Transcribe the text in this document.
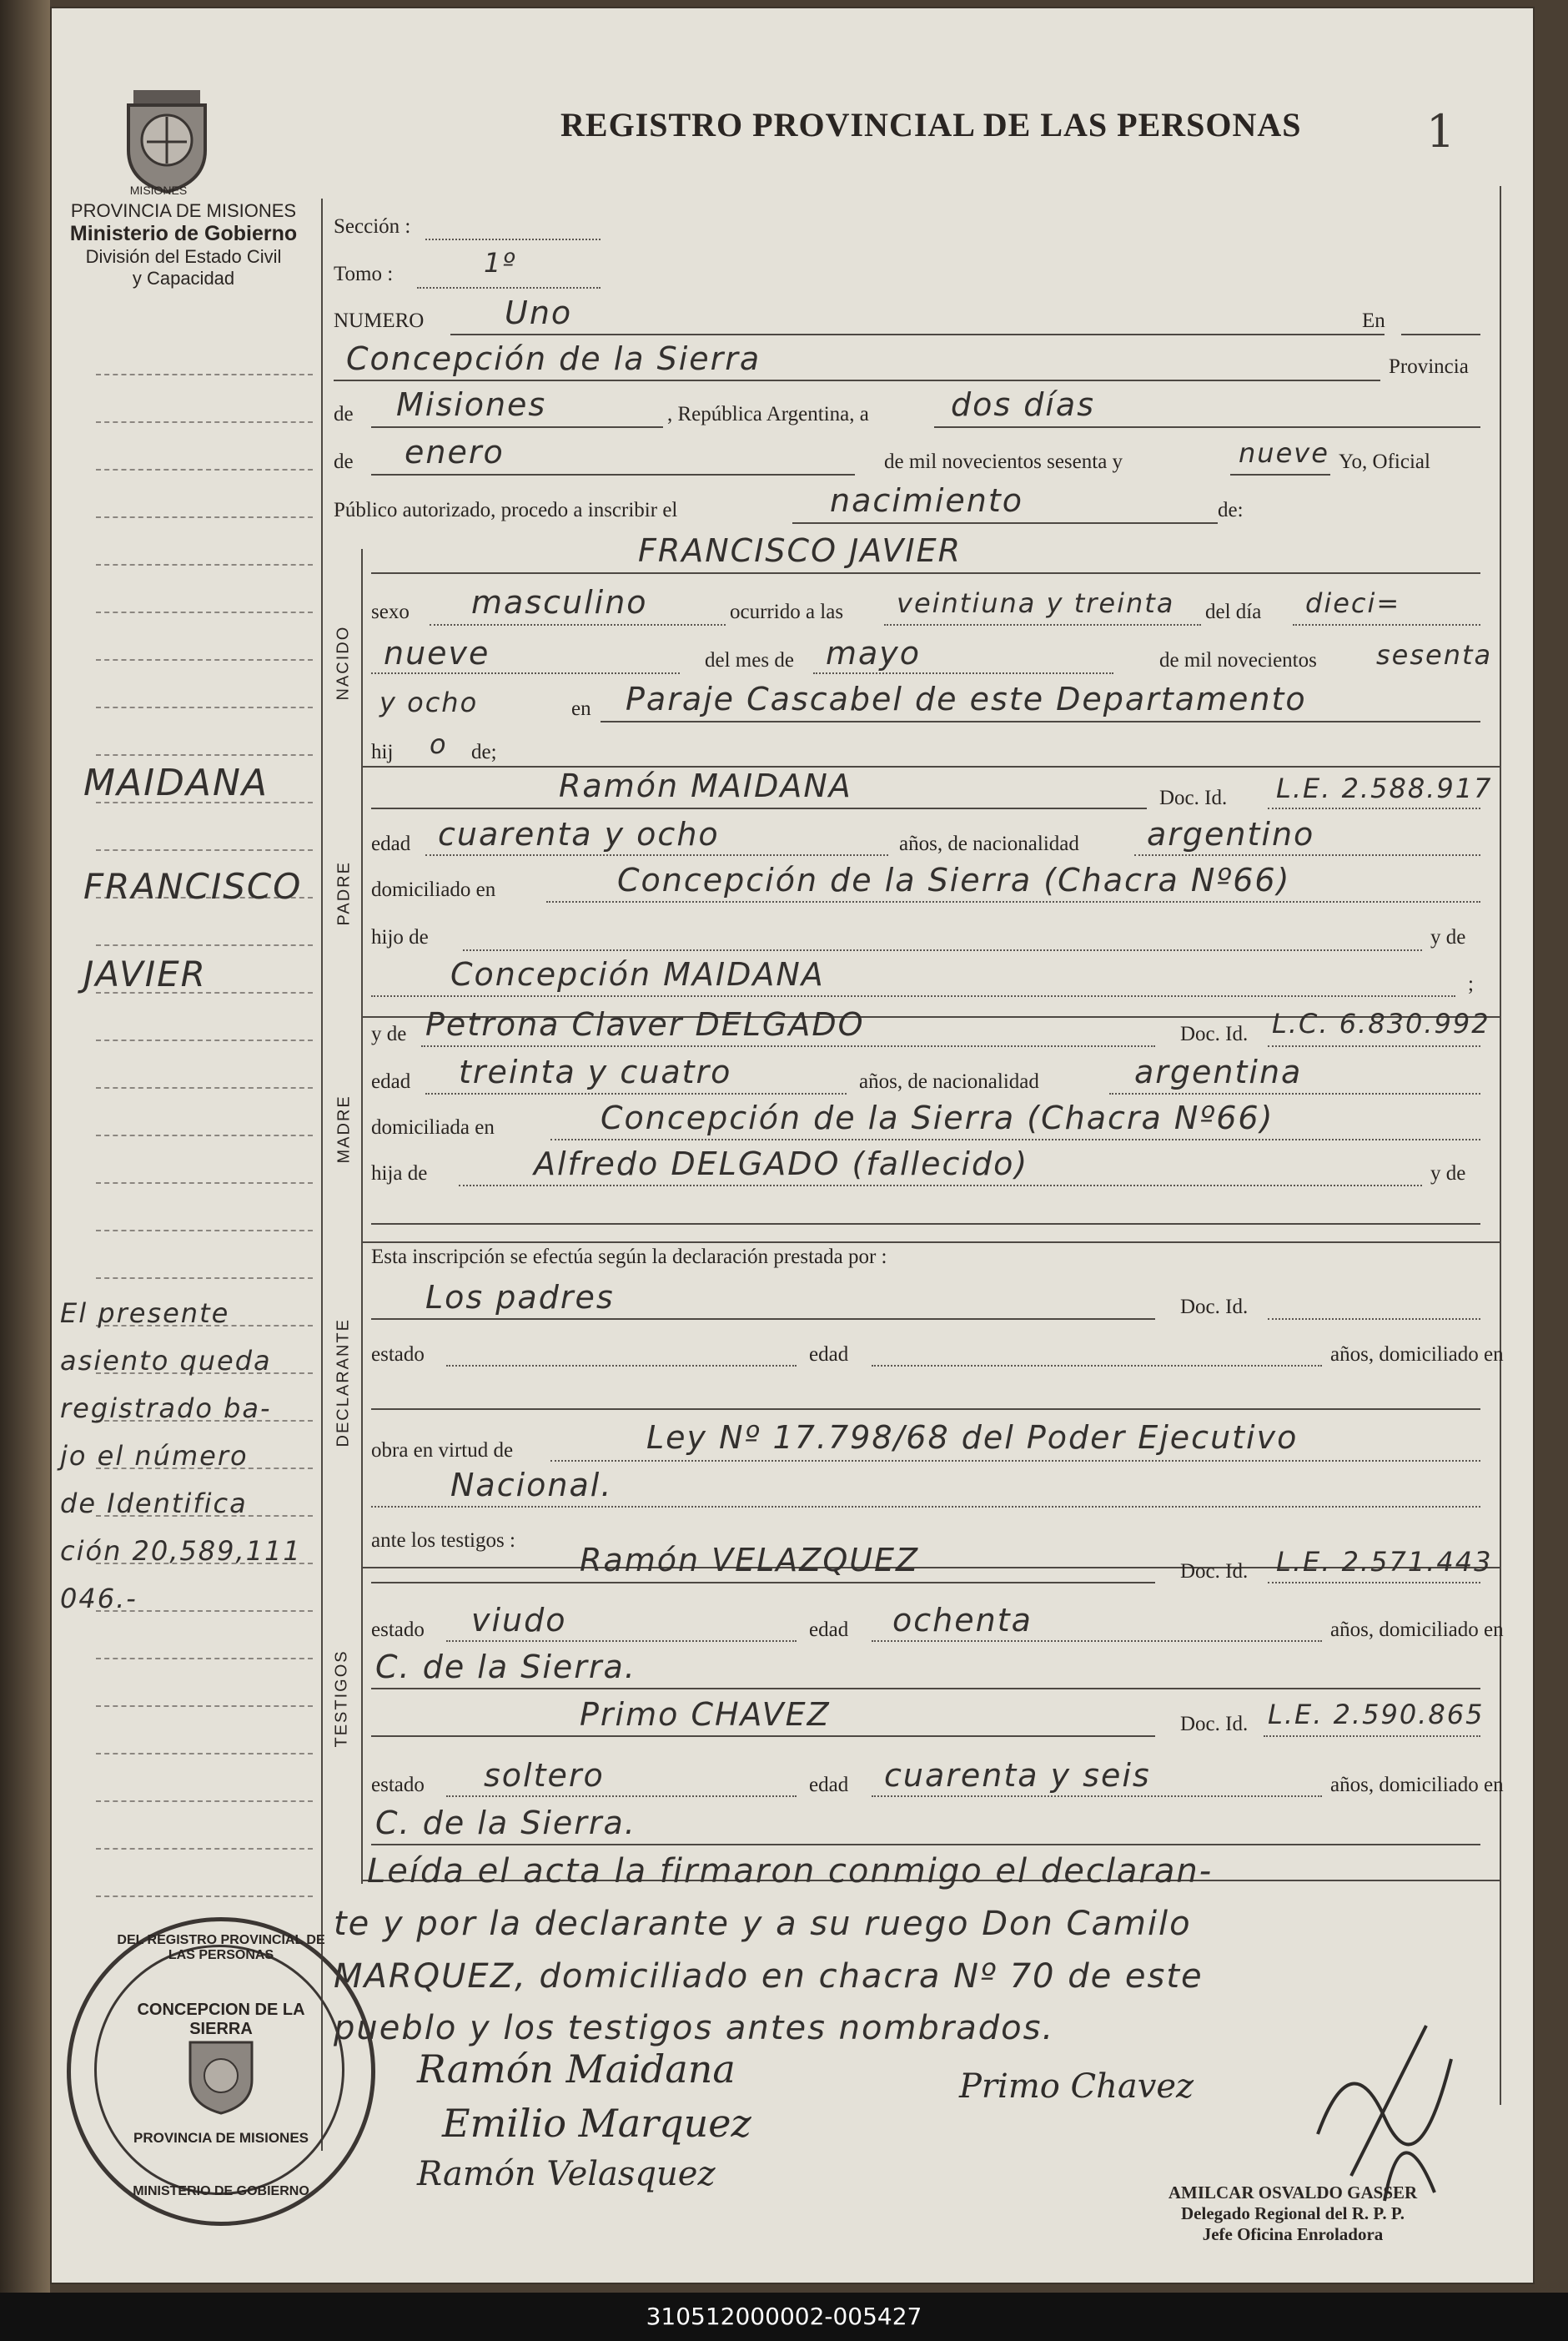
REGISTRO PROVINCIAL DE LAS PERSONAS	1
MISIONES
PROVINCIA DE MISIONES
Ministerio de Gobierno
División del Estado Civil
y Capacidad
NACIDO
PADRE
MADRE
DECLARANTE
TESTIGOS
Sección :
Tomo :	1º
NUMERO	Uno	En
Concepción de la Sierra	Provincia
de Misiones	, República Argentina, a	dos días
de enero	de mil novecientos sesenta y	nueve Yo, Oficial
Público autorizado, procedo a inscribir el	nacimiento	de:
FRANCISCO JAVIER
sexo masculino	ocurrido a las veintiuna y treinta del día dieci=
nueve	del mes de mayo	de mil novecientos sesenta
y ocho	en Paraje Cascabel de este Departamento
hij o de;
Ramón MAIDANA	Doc. Id. L.E. 2.588.917
edad cuarenta y ocho	años, de nacionalidad argentino
domiciliado en	Concepción de la Sierra (Chacra Nº66)
hijo de	y de
Concepción MAIDANA	;
y de Petrona Claver DELGADO	Doc. Id. L.C. 6.830.992
edad treinta y cuatro	años, de nacionalidad	argentina
domiciliada en	Concepción de la Sierra (Chacra Nº66)
hija de	Alfredo DELGADO (fallecido)	y de
Esta inscripción se efectúa según la declaración prestada por :
Los padres	Doc. Id.
estado	edad	años, domiciliado en
obra en virtud de	Ley Nº 17.798/68 del Poder Ejecutivo
Nacional.
ante los testigos :
Ramón VELAZQUEZ	Doc. Id. L.E. 2.571.443
estado viudo	edad ochenta	años, domiciliado en
C. de la Sierra.
Primo CHAVEZ	Doc. Id. L.E. 2.590.865
estado soltero	edad cuarenta y seis	años, domiciliado en
C. de la Sierra.
Leída el acta la firmaron conmigo el declaran-
te y por la declarante y a su ruego Don Camilo
MARQUEZ, domiciliado en chacra Nº 70 de este
pueblo y los testigos antes nombrados.
MAIDANA
FRANCISCO
JAVIER
El presente
asiento queda
registrado ba-
jo el número
de Identifica
ción 20,589,111
046.-
DEL REGISTRO PROVINCIAL DE LAS PERSONAS
CONCEPCION DE LA SIERRA
PROVINCIA DE MISIONES
MINISTERIO DE GOBIERNO
Ramón Maidana
Emilio Marquez
Ramón Velasquez
Primo Chavez
AMILCAR OSVALDO GASSER
Delegado Regional del R. P. P.
Jefe Oficina Enroladora
310512000002-005427
